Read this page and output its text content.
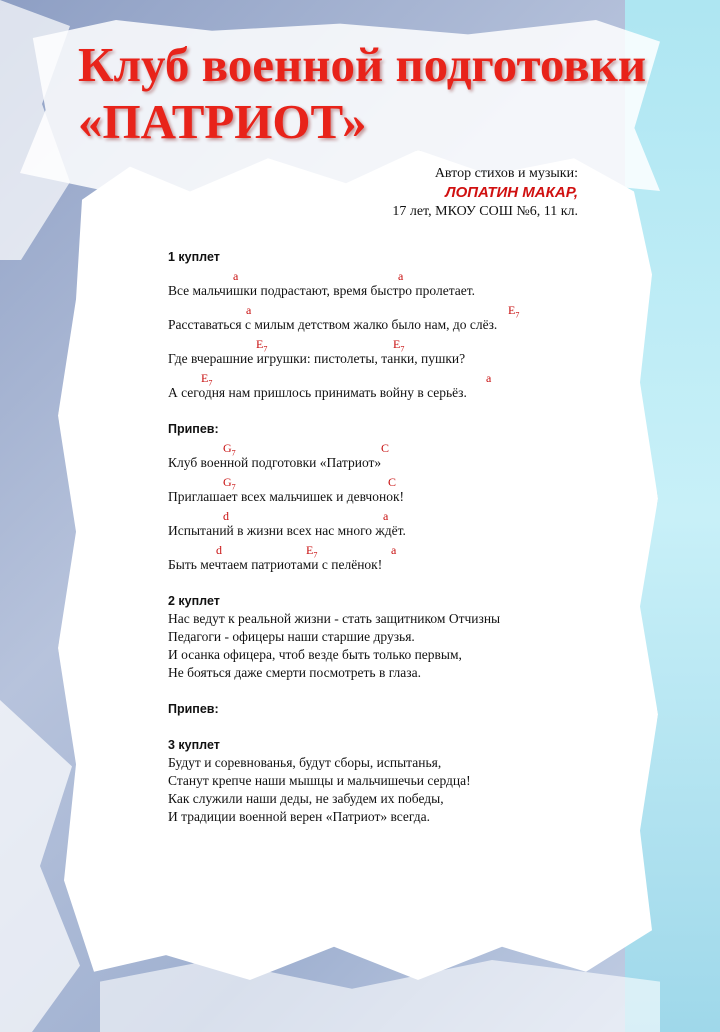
Клуб военной подготовки
«ПАТРИОТ»
Автор стихов и музыки:
ЛОПАТИН МАКАР,
17 лет, МКОУ СОШ №6, 11 кл.
1 куплет
a	a
Все мальчишки подрастают, время быстро пролетает.
a	$E_7$
Расставаться с милым детством жалко было нам, до слёз.
$E_7$	$E_7$
Где вчерашние игрушки: пистолеты, танки, пушки?
$E_7$	a
А сегодня нам пришлось принимать войну в серьёз.
Припев:
$G_7$	C
Клуб военной подготовки «Патриот»
$G_7$	C
Приглашает всех мальчишек и девчонок!
d	a
Испытаний в жизни всех нас много ждёт.
d	$E_7$	a
Быть мечтаем патриотами с пелёнок!
2 куплет
Нас ведут к реальной жизни - стать защитником Отчизны
Педагоги - офицеры наши старшие друзья.
И осанка офицера, чтоб везде быть только первым,
Не бояться даже смерти посмотреть в глаза.
Припев:
3 куплет
Будут и соревнованья, будут сборы, испытанья,
Станут крепче наши мышцы и мальчишечьи сердца!
Как служили наши деды, не забудем их победы,
И традиции военной верен «Патриот» всегда.
